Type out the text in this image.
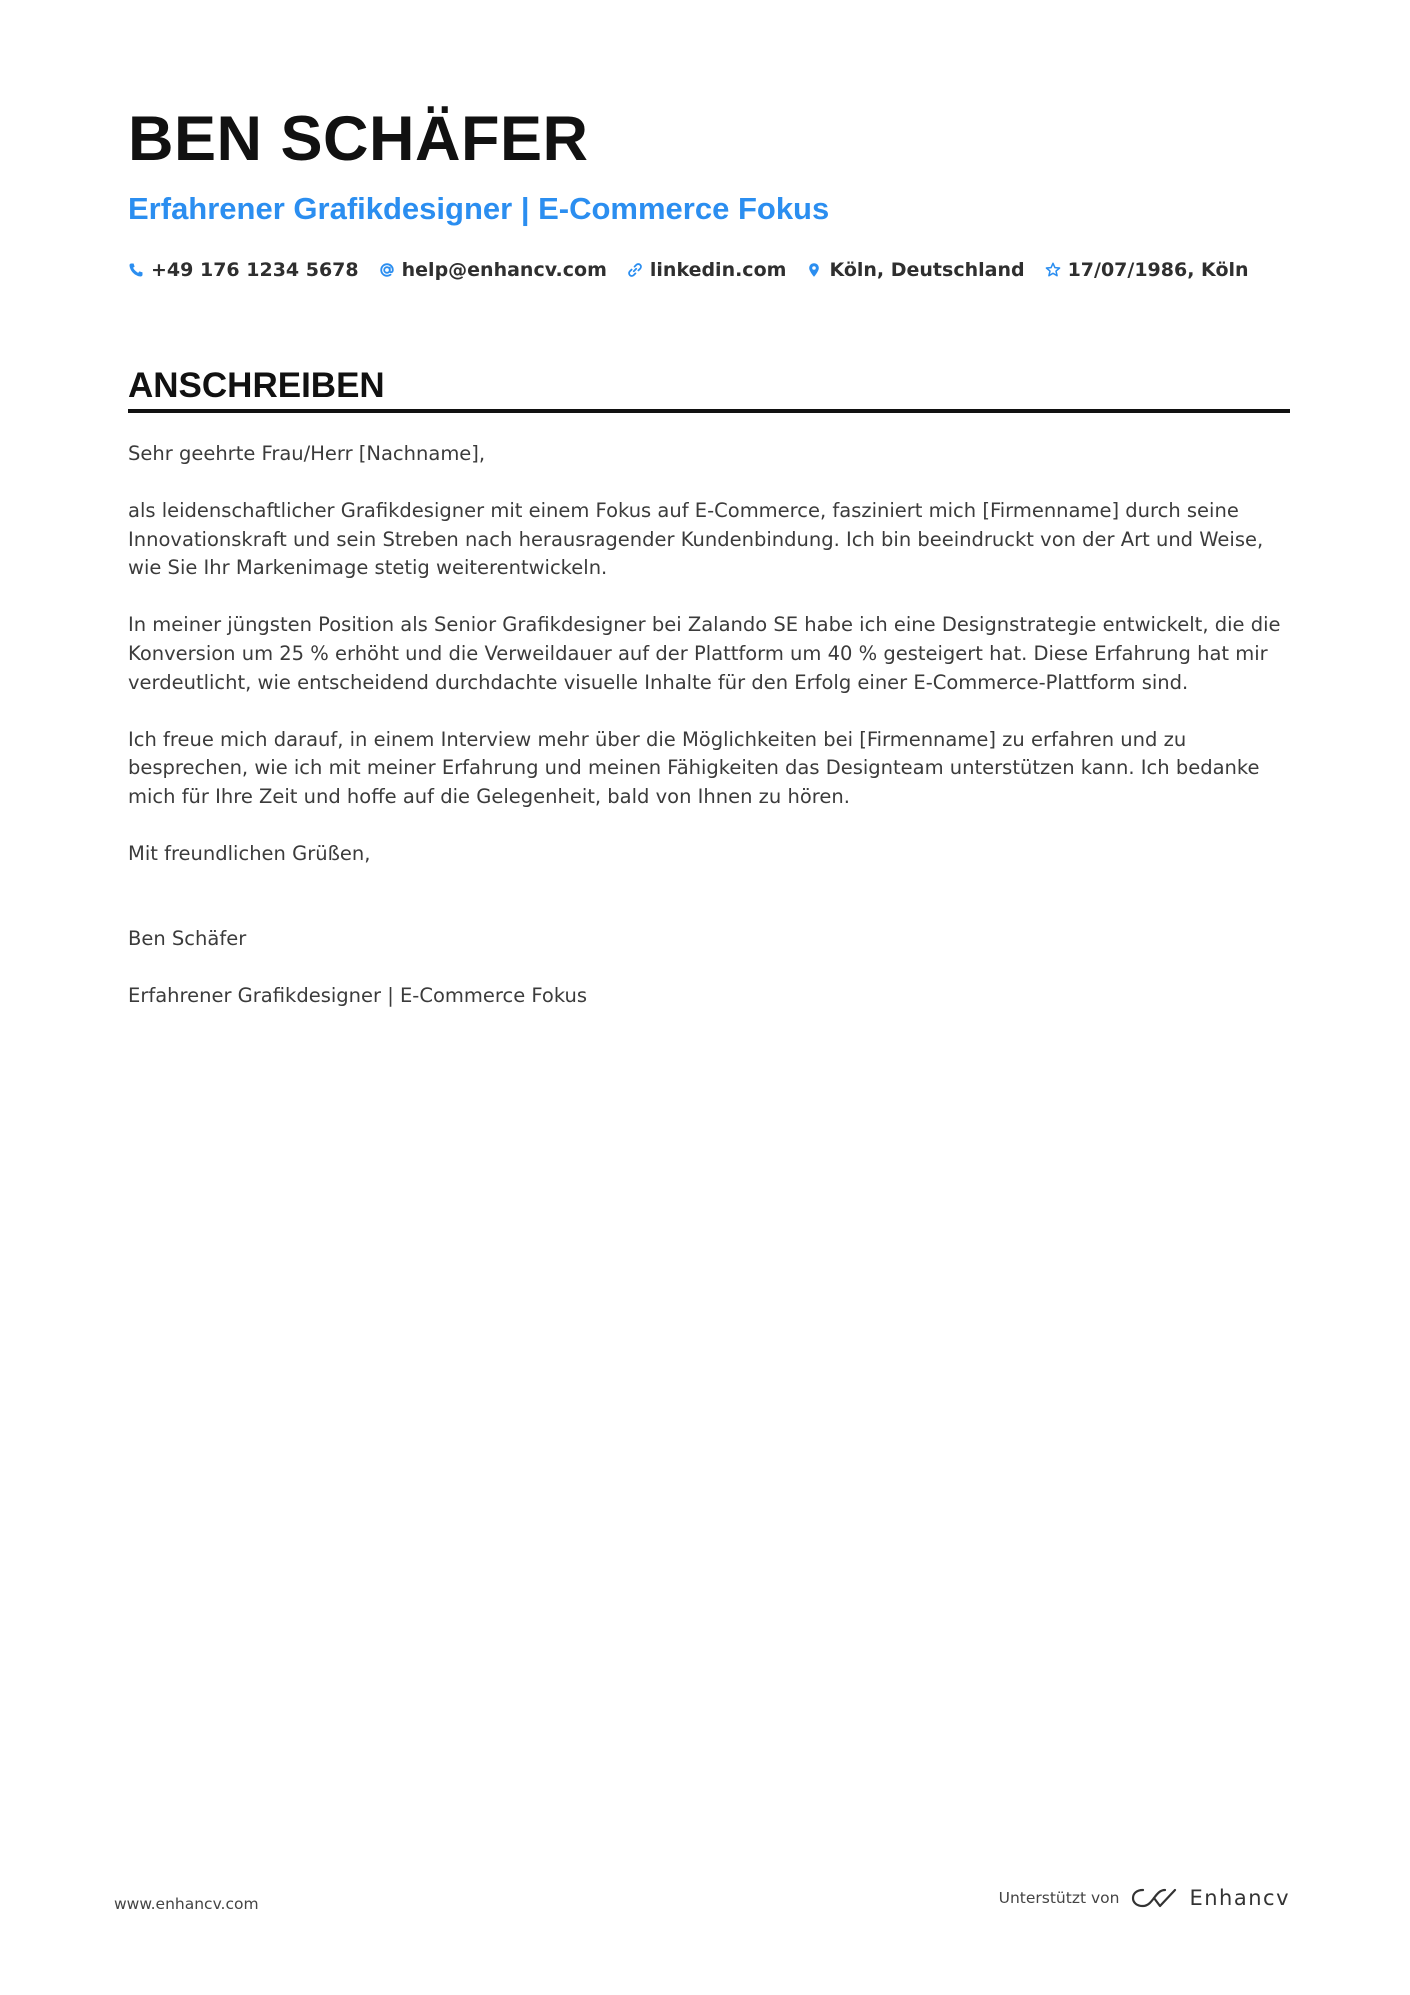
BEN SCHÄFER
Erfahrener Grafikdesigner | E-Commerce Fokus
+49 176 1234 5678 help@enhancv.com linkedin.com Köln, Deutschland 17/07/1986, Köln
ANSCHREIBEN

Sehr geehrte Frau/Herr [Nachname],

als leidenschaftlicher Grafikdesigner mit einem Fokus auf E-Commerce, fasziniert mich [Firmenname] durch seine Innovationskraft und sein Streben nach herausragender Kundenbindung. Ich bin beeindruckt von der Art und Weise, wie Sie Ihr Markenimage stetig weiterentwickeln.

In meiner jüngsten Position als Senior Grafikdesigner bei Zalando SE habe ich eine Designstrategie entwickelt, die die Konversion um 25 % erhöht und die Verweildauer auf der Plattform um 40 % gesteigert hat. Diese Erfahrung hat mir verdeutlicht, wie entscheidend durchdachte visuelle Inhalte für den Erfolg einer E-Commerce-Plattform sind.

Ich freue mich darauf, in einem Interview mehr über die Möglichkeiten bei [Firmenname] zu erfahren und zu besprechen, wie ich mit meiner Erfahrung und meinen Fähigkeiten das Designteam unterstützen kann. Ich bedanke mich für Ihre Zeit und hoffe auf die Gelegenheit, bald von Ihnen zu hören.

Mit freundlichen Grüßen,

Ben Schäfer

Erfahrener Grafikdesigner | E-Commerce Fokus

www.enhancv.com	Unterstützt von	Enhancv
